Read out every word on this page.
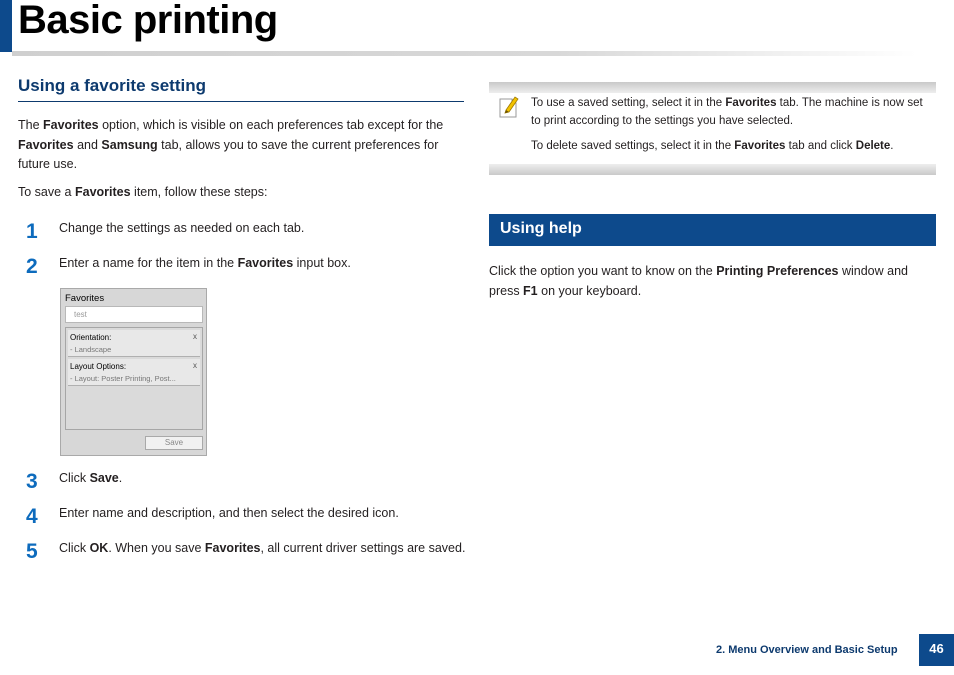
Basic printing
Using a favorite setting
The Favorites option, which is visible on each preferences tab except for the
Favorites and Samsung tab, allows you to save the current preferences for
future use.
To save a Favorites item, follow these steps:
1 Change the settings as needed on each tab.
2 Enter a name for the item in the Favorites input box.
Favorites
test
Orientation:	x
- Landscape
Layout Options:	x
- Layout: Poster Printing, Post...
Save
3 Click Save.
4 Enter name and description, and then select the desired icon.
5 Click OK. When you save Favorites, all current driver settings are saved.
To use a saved setting, select it in the Favorites tab. The machine is now set
to print according to the settings you have selected.
To delete saved settings, select it in the Favorites tab and click Delete.
Using help
Click the option you want to know on the Printing Preferences window and
press F1 on your keyboard.
2. Menu Overview and Basic Setup	46
